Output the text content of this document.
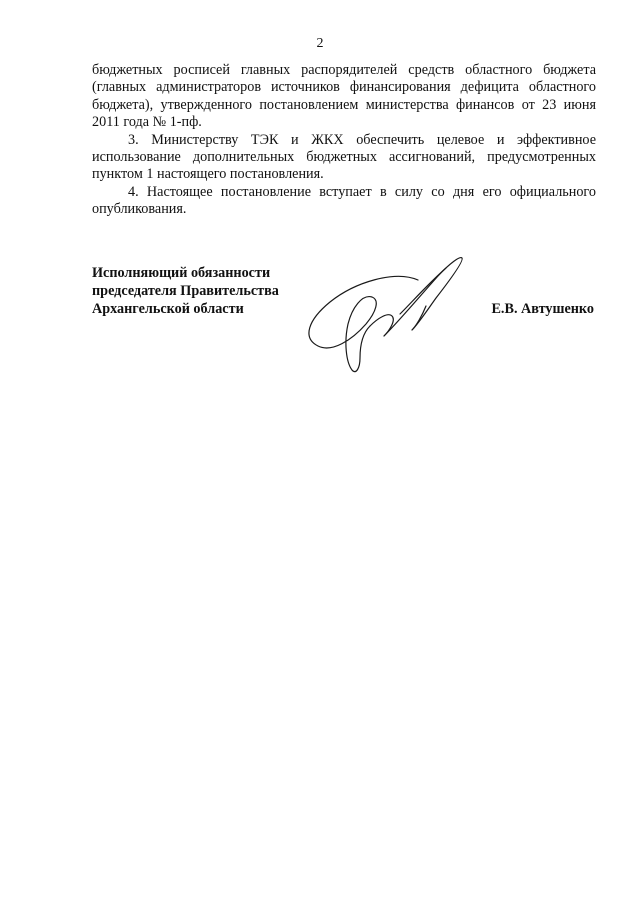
2

бюджетных росписей главных распорядителей средств областного бюджета
(главных администраторов источников финансирования дефицита областного
бюджета), утвержденного постановлением министерства финансов от 23 июня
2011 года № 1-пф.

3. Министерству ТЭК и ЖКХ обеспечить целевое и эффективное
использование дополнительных бюджетных ассигнований, предусмотренных
пунктом 1 настоящего постановления.

4. Настоящее постановление вступает в силу со дня его официального
опубликования.

Исполняющий обязанности
председателя Правительства
Архангельской области	Е.В. Автушенко
